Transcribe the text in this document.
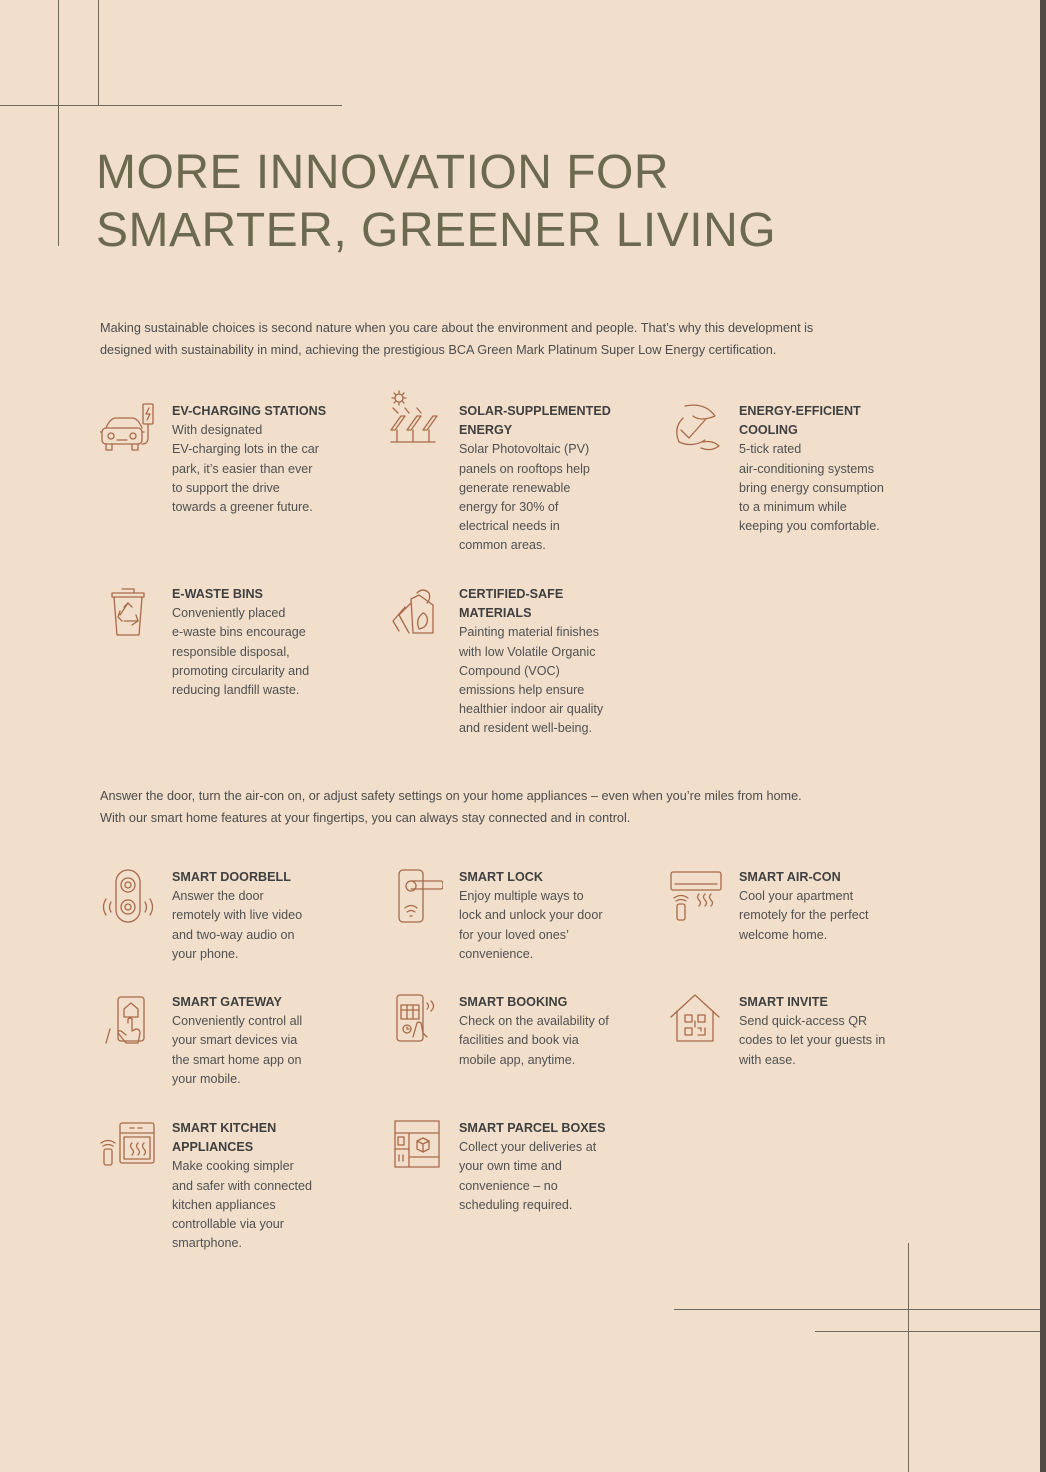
MORE INNOVATION FOR
SMARTER, GREENER LIVING
Making sustainable choices is second nature when you care about the environment and people. That’s why this development is
designed with sustainability in mind, achieving the prestigious BCA Green Mark Platinum Super Low Energy certification.
EV-CHARGING STATIONS
With designated
EV-charging lots in the car
park, it’s easier than ever
to support the drive
towards a greener future.
SOLAR-SUPPLEMENTED
ENERGY
Solar Photovoltaic (PV)
panels on rooftops help
generate renewable
energy for 30% of
electrical needs in
common areas.
ENERGY-EFFICIENT
COOLING
5-tick rated
air-conditioning systems
bring energy consumption
to a minimum while
keeping you comfortable.
E-WASTE BINS
Conveniently placed
e-waste bins encourage
responsible disposal,
promoting circularity and
reducing landfill waste.
CERTIFIED-SAFE
MATERIALS
Painting material finishes
with low Volatile Organic
Compound (VOC)
emissions help ensure
healthier indoor air quality
and resident well-being.
Answer the door, turn the air-con on, or adjust safety settings on your home appliances – even when you’re miles from home.
With our smart home features at your fingertips, you can always stay connected and in control.
SMART DOORBELL
Answer the door
remotely with live video
and two-way audio on
your phone.
SMART LOCK
Enjoy multiple ways to
lock and unlock your door
for your loved ones’
convenience.
SMART AIR-CON
Cool your apartment
remotely for the perfect
welcome home.
SMART GATEWAY
Conveniently control all
your smart devices via
the smart home app on
your mobile.
SMART BOOKING
Check on the availability of
facilities and book via
mobile app, anytime.
SMART INVITE
Send quick-access QR
codes to let your guests in
with ease.
SMART KITCHEN
APPLIANCES
Make cooking simpler
and safer with connected
kitchen appliances
controllable via your
smartphone.
SMART PARCEL BOXES
Collect your deliveries at
your own time and
convenience – no
scheduling required.
